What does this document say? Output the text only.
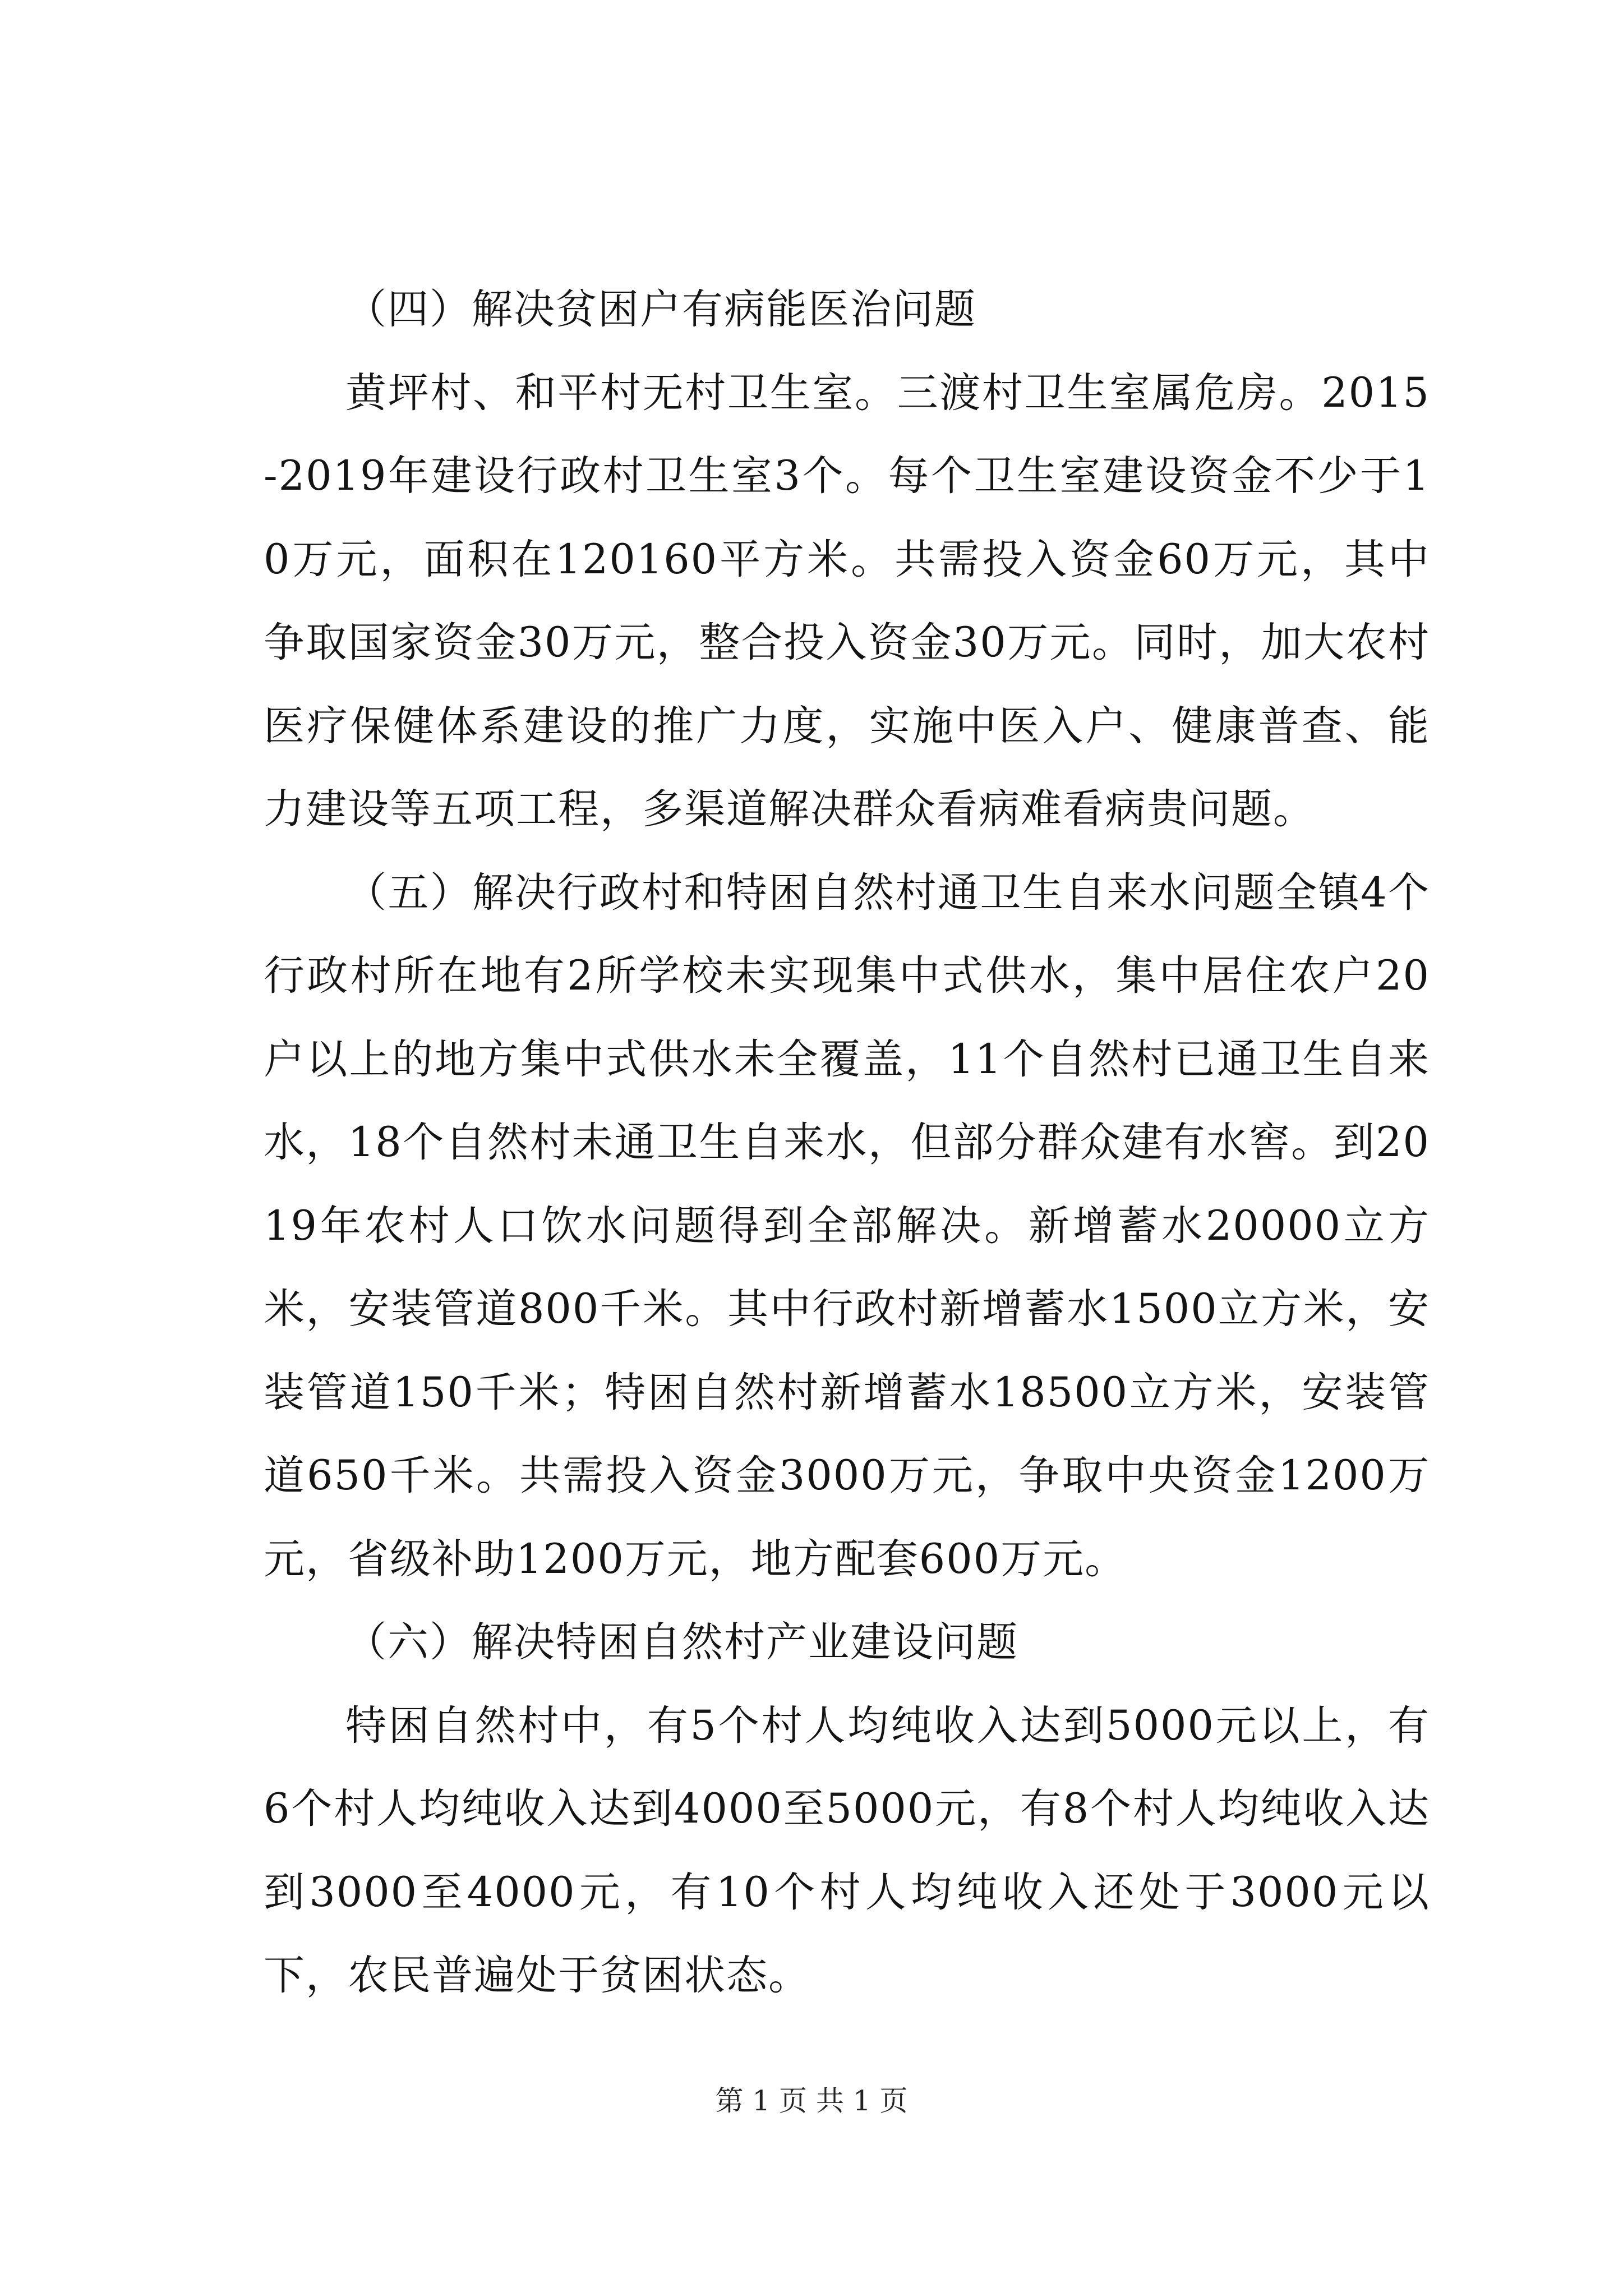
（四）解决贫困户有病能医治问题

黄坪村、和平村无村卫生室。三渡村卫生室属危房。2015-2019年建设行政村卫生室3个。每个卫生室建设资金不少于10万元，面积在120160平方米。共需投入资金60万元，其中争取国家资金30万元，整合投入资金30万元。同时，加大农村医疗保健体系建设的推广力度，实施中医入户、健康普查、能力建设等五项工程，多渠道解决群众看病难看病贵问题。

（五）解决行政村和特困自然村通卫生自来水问题全镇4个行政村所在地有2所学校未实现集中式供水，集中居住农户20户以上的地方集中式供水未全覆盖，11个自然村已通卫生自来水，18个自然村未通卫生自来水，但部分群众建有水窖。到2019年农村人口饮水问题得到全部解决。新增蓄水20000立方米，安装管道800千米。其中行政村新增蓄水1500立方米，安装管道150千米；特困自然村新增蓄水18500立方米，安装管道650千米。共需投入资金3000万元，争取中央资金1200万元，省级补助1200万元，地方配套600万元。

（六）解决特困自然村产业建设问题

特困自然村中，有5个村人均纯收入达到5000元以上，有6个村人均纯收入达到4000至5000元，有8个村人均纯收入达到3000至4000元，有10个村人均纯收入还处于3000元以下，农民普遍处于贫困状态。

第 1 页 共 1 页
